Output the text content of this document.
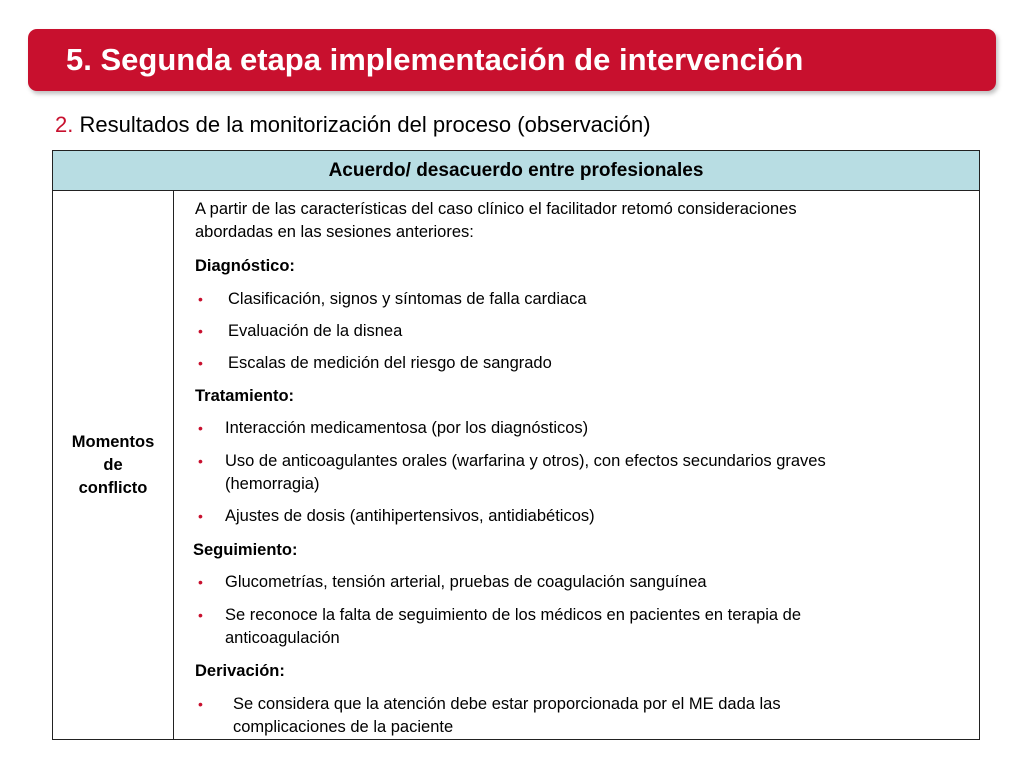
5. Segunda etapa implementación de intervención
2. Resultados de la monitorización del proceso (observación)
Acuerdo/ desacuerdo entre profesionales
Momentos
de
conflicto
A partir de las características del caso clínico el facilitador retomó consideraciones
abordadas en las sesiones anteriores:
Diagnóstico:
• Clasificación, signos y síntomas de falla cardiaca
• Evaluación de la disnea
• Escalas de medición del riesgo de sangrado
Tratamiento:
• Interacción medicamentosa (por los diagnósticos)
• Uso de anticoagulantes orales (warfarina y otros), con efectos secundarios graves
(hemorragia)
• Ajustes de dosis (antihipertensivos, antidiabéticos)
Seguimiento:
• Glucometrías, tensión arterial, pruebas de coagulación sanguínea
• Se reconoce la falta de seguimiento de los médicos en pacientes en terapia de
anticoagulación
Derivación:
• Se considera que la atención debe estar proporcionada por el ME dada las
complicaciones de la paciente
